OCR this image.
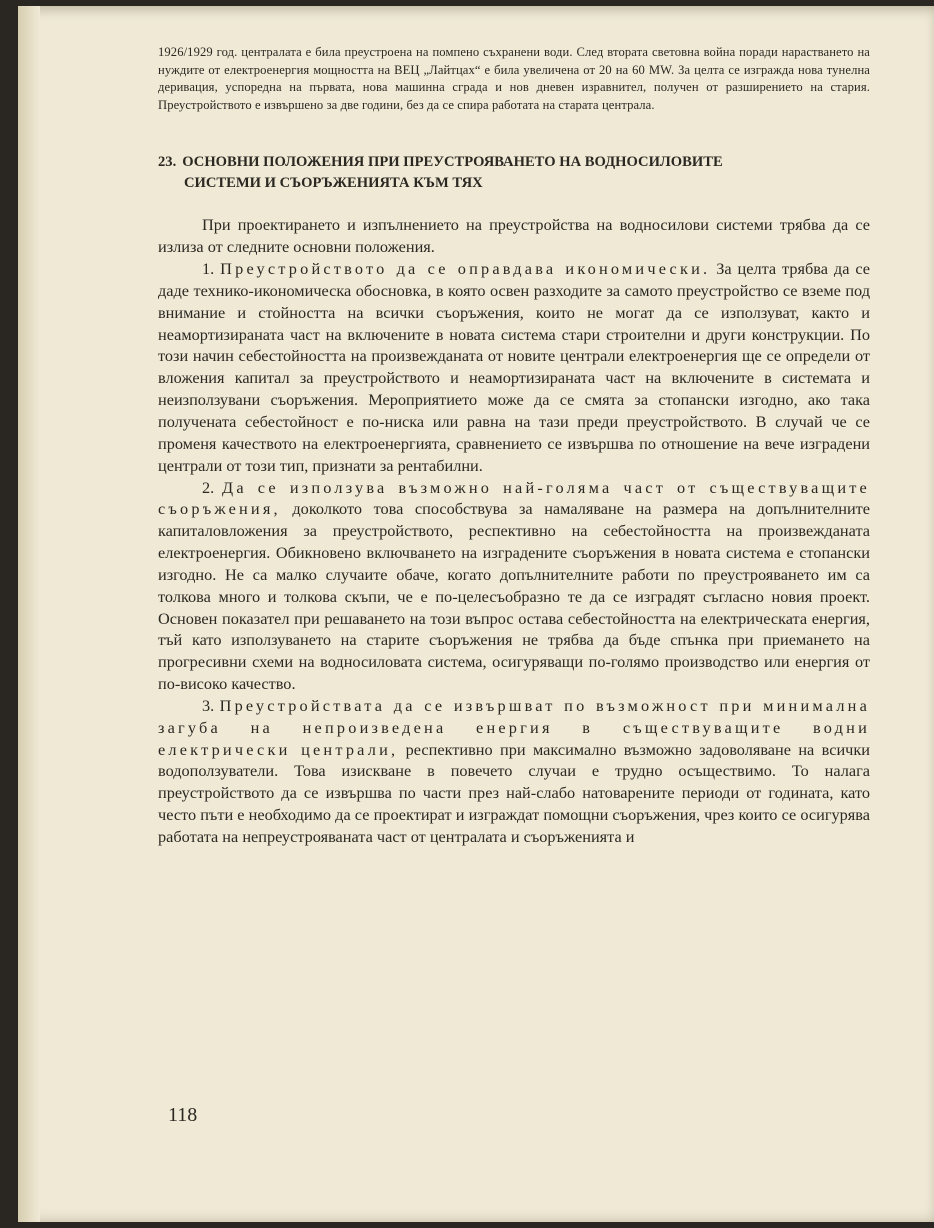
1926/1929 год. централата е била преустроена на помпено съхранени води. След втората световна война поради нарастването на нуждите от електроенергия мощността на ВЕЦ „Лайтцах“ е била увеличена от 20 на 60 MW. За целта се изгражда нова тунелна деривация, успоредна на първата, нова машинна сграда и нов дневен изравнител, получен от разширението на стария. Преустройството е извършено за две години, без да се спира работата на старата централа.

23. ОСНОВНИ ПОЛОЖЕНИЯ ПРИ ПРЕУСТРОЯВАНЕТО НА ВОДНОСИЛОВИТЕ
СИСТЕМИ И СЪОРЪЖЕНИЯТА КЪМ ТЯХ

При проектирането и изпълнението на преустройства на водносилови системи трябва да се излиза от следните основни положения.

1. Преустройството да се оправдава икономически. За целта трябва да се даде технико-икономическа обосновка, в която освен разходите за самото преустройство се вземе под внимание и стойността на всички съоръжения, които не могат да се използуват, както и неамортизираната част на включените в новата система стари строителни и други конструкции. По този начин себестойността на произвежданата от новите централи електроенергия ще се определи от вложения капитал за преустройството и неамортизираната част на включените в системата и неизползувани съоръжения. Мероприятието може да се смята за стопански изгодно, ако така получената себестойност е по-ниска или равна на тази преди преустройството. В случай че се променя качеството на електроенергията, сравнението се извършва по отношение на вече изградени централи от този тип, признати за рентабилни.

2. Да се използува възможно най-голяма част от съществуващите съоръжения, доколкото това способствува за намаляване на размера на допълнителните капиталовложения за преустройството, респективно на себестойността на произвежданата електроенергия. Обикновено включването на изградените съоръжения в новата система е стопански изгодно. Не са малко случаите обаче, когато допълнителните работи по преустрояването им са толкова много и толкова скъпи, че е по-целесъобразно те да се изградят съгласно новия проект. Основен показател при решаването на този въпрос остава себестойността на електрическата енергия, тъй като използуването на старите съоръжения не трябва да бъде спънка при приемането на прогресивни схеми на водносиловата система, осигуряващи по-голямо производство или енергия от по-високо качество.

3. Преустройствата да се извършват по възможност при минимална загуба на непроизведена енергия в съществуващите водни електрически централи, респективно при максимално възможно задоволяване на всички водоползуватели. Това изискване в повечето случаи е трудно осъществимо. То налага преустройството да се извършва по части през най-слабо натоварените периоди от годината, като често пъти е необходимо да се проектират и изграждат помощни съоръжения, чрез които се осигурява работата на непреустрояваната част от централата и съоръженията и

118
